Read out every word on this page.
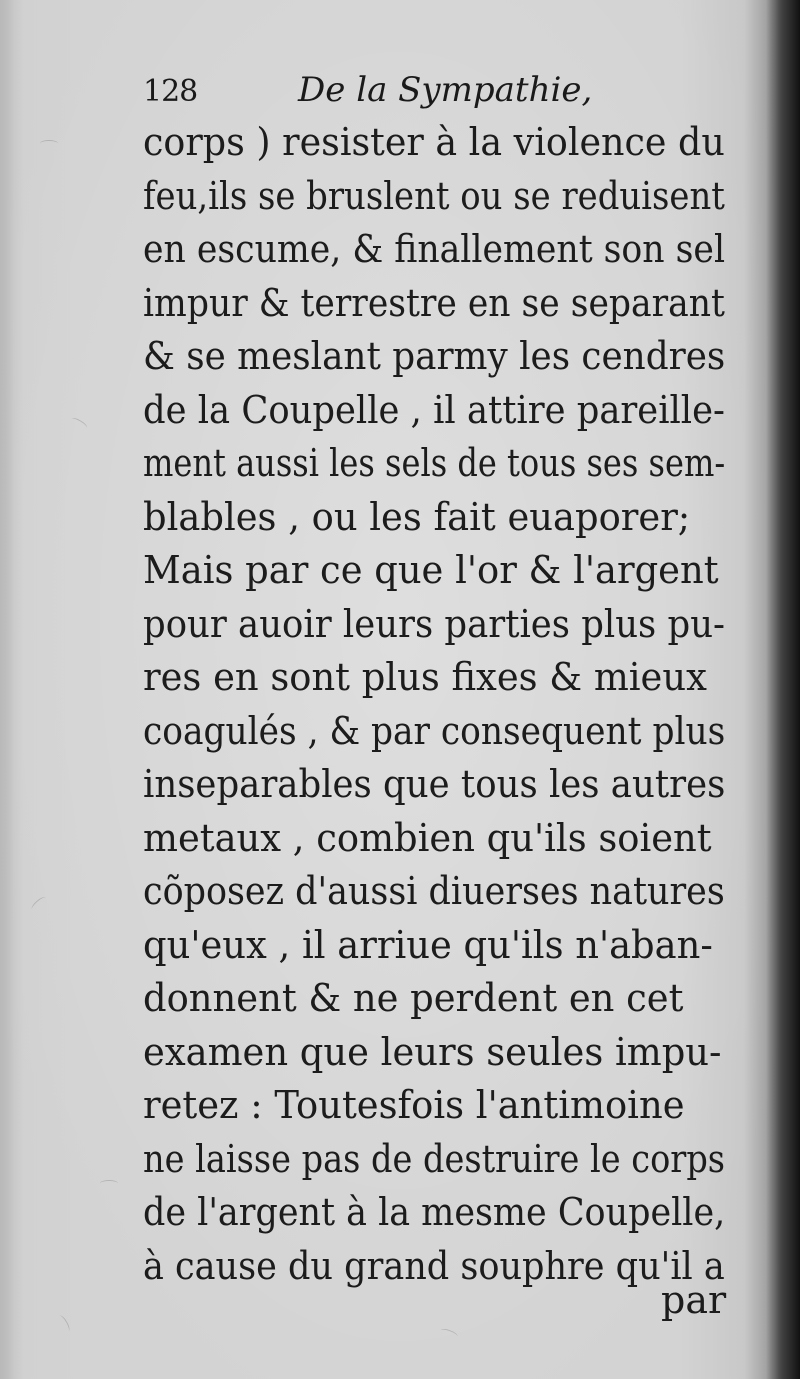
128	De la Sympathie,
corps ) resister à la violence du
feu,ils se bruslent ou se reduisent
en escume, & finallement son sel
impur & terrestre en se separant
& se meslant parmy les cendres
de la Coupelle , il attire pareille-
ment aussi les sels de tous ses sem-
blables , ou les fait euaporer;
Mais par ce que l'or & l'argent
pour auoir leurs parties plus pu-
res en sont plus fixes & mieux
coagulés , & par consequent plus
inseparables que tous les autres
metaux , combien qu'ils soient
cõposez d'aussi diuerses natures
qu'eux , il arriue qu'ils n'aban-
donnent & ne perdent en cet
examen que leurs seules impu-
retez : Toutesfois l'antimoine
ne laisse pas de destruire le corps
de l'argent à la mesme Coupelle,
à cause du grand souphre qu'il a
par
